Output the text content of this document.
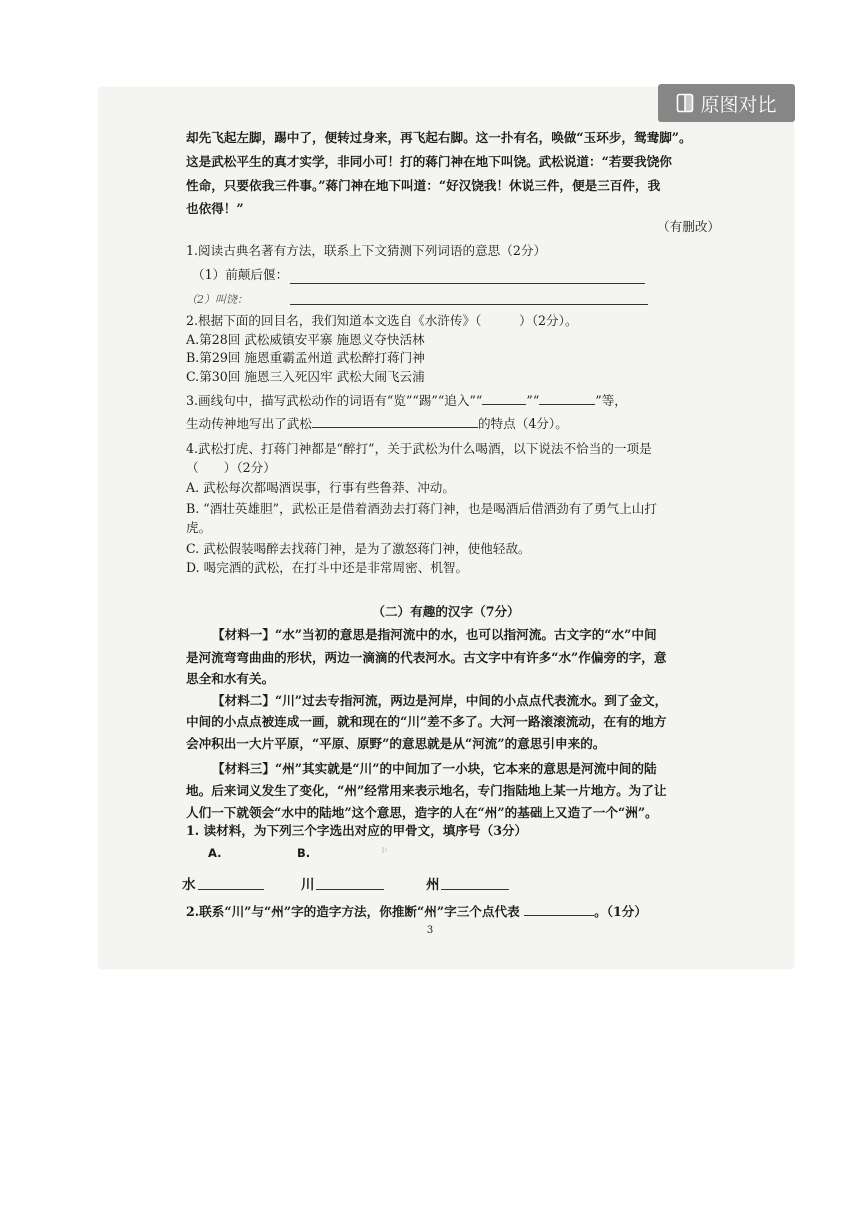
原图对比
却先飞起左脚，踢中了，便转过身来，再飞起右脚。这一扑有名，唤做“玉环步，鸳鸯脚”。
这是武松平生的真才实学，非同小可！打的蒋门神在地下叫饶。武松说道：“若要我饶你
性命，只要依我三件事。”蒋门神在地下叫道：“好汉饶我！休说三件，便是三百件，我
也依得！”
（有删改）
1.阅读古典名著有方法，联系上下文猜测下列词语的意思（2分）
（1）前颠后偃：
（2）叫饶：
2.根据下面的回目名，我们知道本文选自《水浒传》（　　　）（2分）。
A.第28回 武松威镇安平寨 施恩义夺快活林
B.第29回 施恩重霸孟州道 武松醉打蒋门神
C.第30回 施恩三入死囚牢 武松大闹飞云浦
3.画线句中，描写武松动作的词语有“览”“踢”“追入”“	”“	”等，
生动传神地写出了武松	的特点（4分）。
4.武松打虎、打蒋门神都是“醉打”，关于武松为什么喝酒，以下说法不恰当的一项是
（　　）（2分）
A. 武松每次都喝酒误事，行事有些鲁莽、冲动。
B. “酒壮英雄胆”，武松正是借着酒劲去打蒋门神，也是喝酒后借酒劲有了勇气上山打
虎。
C. 武松假装喝醉去找蒋门神，是为了激怒蒋门神，使他轻敌。
D. 喝完酒的武松，在打斗中还是非常周密、机智。
（二）有趣的汉字（7分）
【材料一】“水”当初的意思是指河流中的水，也可以指河流。古文字的“水”中间
是河流弯弯曲曲的形状，两边一滴滴的代表河水。古文字中有许多“水”作偏旁的字，意
思全和水有关。
【材料二】“川”过去专指河流，两边是河岸，中间的小点点代表流水。到了金文，
中间的小点点被连成一画，就和现在的“川”差不多了。大河一路滚滚流动，在有的地方
会冲积出一大片平原，“平原、原野”的意思就是从“河流”的意思引申来的。
【材料三】“州”其实就是“川”的中间加了一小块，它本来的意思是河流中间的陆
地。后来词义发生了变化，“州”经常用来表示地名，专门指陆地上某一片地方。为了让
人们一下就领会“水中的陆地”这个意思，造字的人在“州”的基础上又造了一个“洲”。
1. 读材料，为下列三个字选出对应的甲骨文，填序号（3分）
A.	B.
水	川	州
2.联系“川”与“州”字的造字方法，你推断“州”字三个点代表	。（1分）
3
